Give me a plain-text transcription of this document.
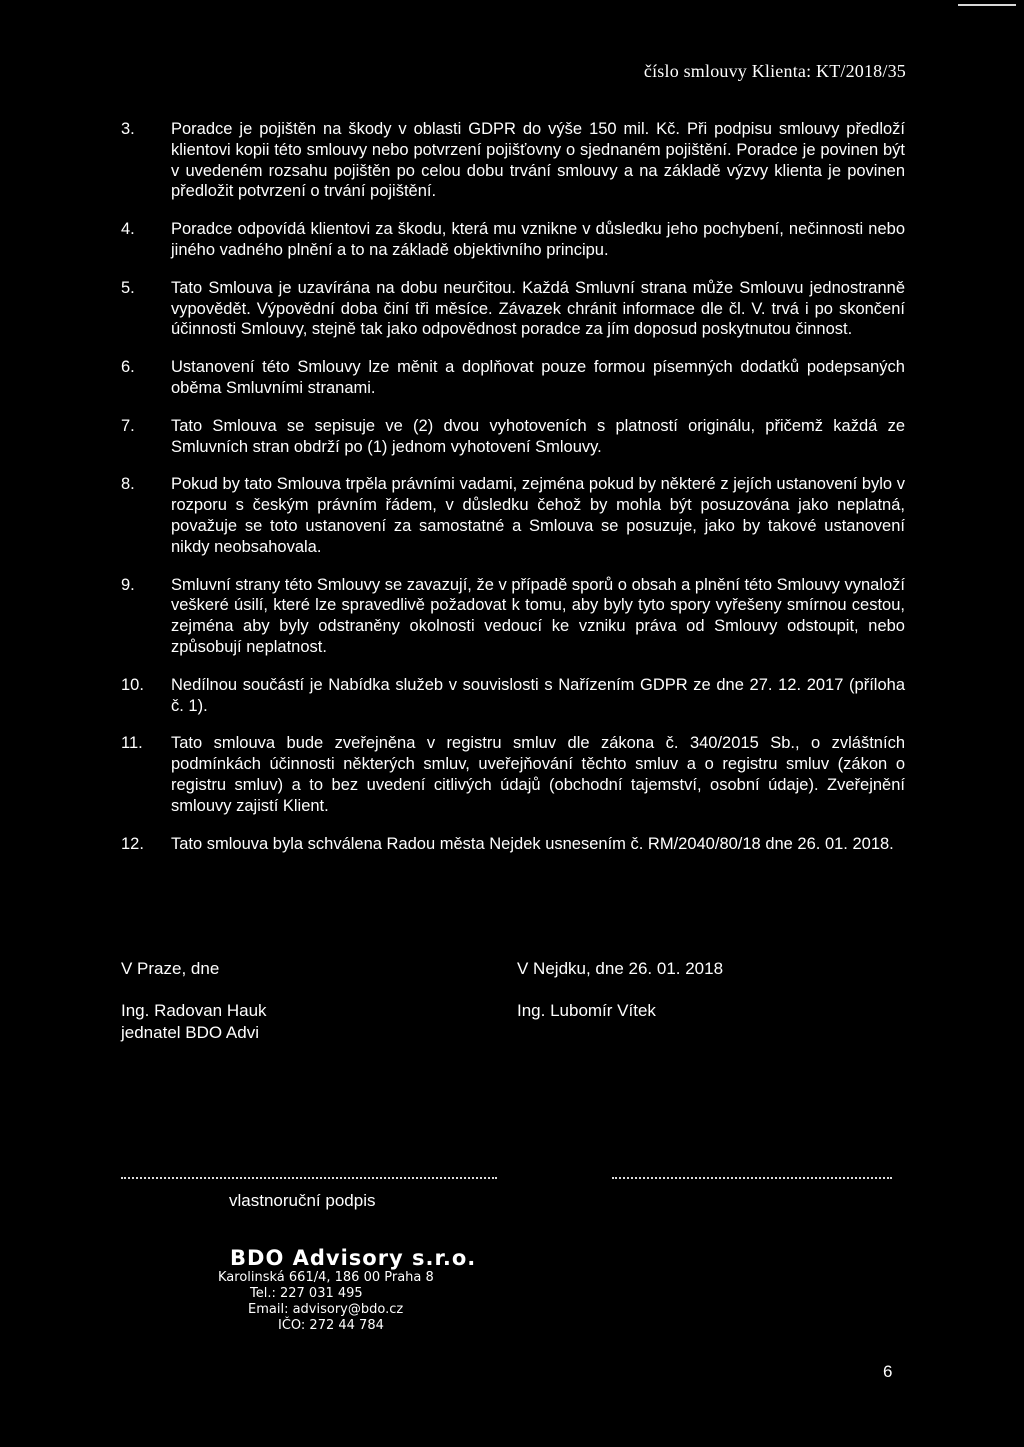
číslo smlouvy Klienta: KT/2018/35
3.	Poradce je pojištěn na škody v oblasti GDPR do výše 150 mil. Kč. Při podpisu smlouvy předloží klientovi kopii této smlouvy nebo potvrzení pojišťovny o sjednaném pojištění. Poradce je povinen být v uvedeném rozsahu pojištěn po celou dobu trvání smlouvy a na základě výzvy klienta je povinen předložit potvrzení o trvání pojištění.
4.	Poradce odpovídá klientovi za škodu, která mu vznikne v důsledku jeho pochybení, nečinnosti nebo jiného vadného plnění a to na základě objektivního principu.
5.	Tato Smlouva je uzavírána na dobu neurčitou. Každá Smluvní strana může Smlouvu jednostranně vypovědět. Výpovědní doba činí tři měsíce. Závazek chránit informace dle čl. V. trvá i po skončení účinnosti Smlouvy, stejně tak jako odpovědnost poradce za jím doposud poskytnutou činnost.
6.	Ustanovení této Smlouvy lze měnit a doplňovat pouze formou písemných dodatků podepsaných oběma Smluvními stranami.
7.	Tato Smlouva se sepisuje ve (2) dvou vyhotoveních s platností originálu, přičemž každá ze Smluvních stran obdrží po (1) jednom vyhotovení Smlouvy.
8.	Pokud by tato Smlouva trpěla právními vadami, zejména pokud by některé z jejích ustanovení bylo v rozporu s českým právním řádem, v důsledku čehož by mohla být posuzována jako neplatná, považuje se toto ustanovení za samostatné a Smlouva se posuzuje, jako by takové ustanovení nikdy neobsahovala.
9.	Smluvní strany této Smlouvy se zavazují, že v případě sporů o obsah a plnění této Smlouvy vynaloží veškeré úsilí, které lze spravedlivě požadovat k tomu, aby byly tyto spory vyřešeny smírnou cestou, zejména aby byly odstraněny okolnosti vedoucí ke vzniku práva od Smlouvy odstoupit, nebo způsobují neplatnost.
10.	Nedílnou součástí je Nabídka služeb v souvislosti s Nařízením GDPR ze dne 27. 12. 2017 (příloha č. 1).
11.	Tato smlouva bude zveřejněna v registru smluv dle zákona č. 340/2015 Sb., o zvláštních podmínkách účinnosti některých smluv, uveřejňování těchto smluv a o registru smluv (zákon o registru smluv) a to bez uvedení citlivých údajů (obchodní tajemství, osobní údaje). Zveřejnění smlouvy zajistí Klient.
12.	Tato smlouva byla schválena Radou města Nejdek usnesením č. RM/2040/80/18 dne 26. 01. 2018.
V Praze, dne
Ing. Radovan Hauk
jednatel BDO Advi
V Nejdku, dne 26. 01. 2018
Ing. Lubomír Vítek
vlastnoruční podpis
BDO Advisory s.r.o.
Karolinská 661/4, 186 00 Praha 8
Tel.: 227 031 495
Email: advisory@bdo.cz
IČO: 272 44 784
6
